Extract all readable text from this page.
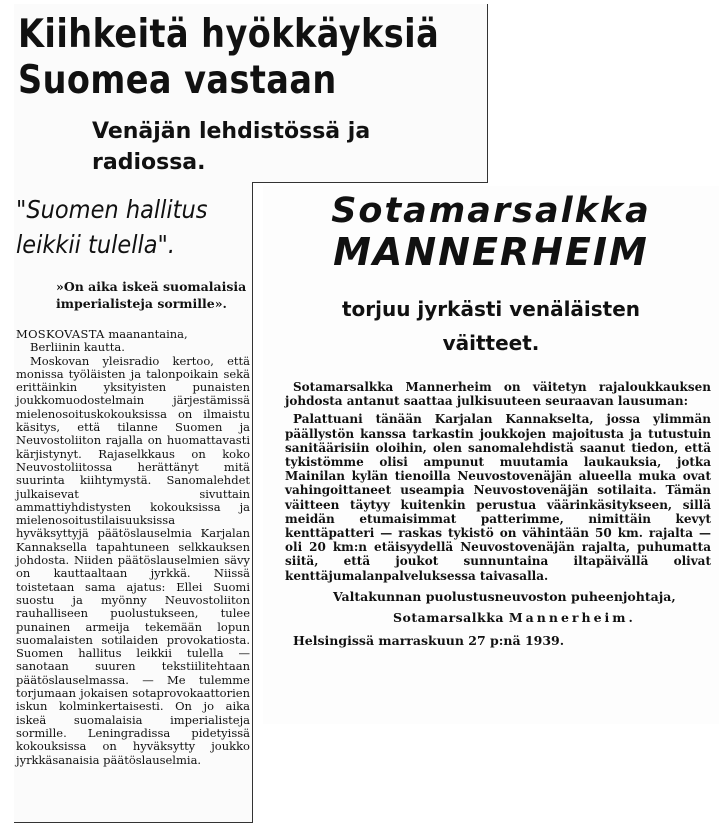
Kiihkeitä hyökkäyksiä
Suomea vastaan
Venäjän lehdistössä ja
radiossa.
"Suomen hallitus
leikkii tulella".
»On aika iskeä suomalaisia imperialisteja sormille».

MOSKOVASTA maanantaina,

Berliinin kautta.

Moskovan yleisradio kertoo, että monissa työläisten ja talonpoikain sekä erittäinkin yksityisten punaisten joukkomuodostelmain järjestämissä mielenosoituskokouksissa on ilmaistu käsitys, että tilanne Suomen ja Neuvostoliiton rajalla on huomattavasti kärjistynyt. Rajaselkkaus on koko Neuvostoliitossa herättänyt mitä suurinta kiihtymystä. Sanomalehdet julkaisevat sivuttain ammattiyhdistysten kokouksissa ja mielenosoitustilaisuuksissa hyväksyttyjä päätöslauselmia Karjalan Kannaksella tapahtuneen selkkauksen johdosta. Niiden päätöslauselmien sävy on kauttaaltaan jyrkkä. Niissä toistetaan sama ajatus: Ellei Suomi suostu ja myönny Neuvostoliiton rauhalliseen puolustukseen, tulee punainen armeija tekemään lopun suomalaisten sotilaiden provokatiosta. Suomen hallitus leikkii tulella — sanotaan suuren tekstiilitehtaan päätöslauselmassa. — Me tulemme torjumaan jokaisen sotaprovokaattorien iskun kolminkertaisesti. On jo aika iskeä suomalaisia imperialisteja sormille. Leningradissa pidetyissä kokouksissa on hyväksytty joukko jyrkkäsanaisia päätöslauselmia.

Sotamarsalkka
MANNERHEIM
torjuu jyrkästi venäläisten
väitteet.

Sotamarsalkka Mannerheim on väitetyn rajaloukkauksen johdosta antanut saattaa julkisuuteen seuraavan lausuman:

Palattuani tänään Karjalan Kannakselta, jossa ylimmän päällystön kanssa tarkastin joukkojen majoitusta ja tutustuin sanitäärisiin oloihin, olen sanomalehdistä saanut tiedon, että tykistömme olisi ampunut muutamia laukauksia, jotka Mainilan kylän tienoilla Neuvostovenäjän alueella muka ovat vahingoittaneet useampia Neuvostovenäjän sotilaita. Tämän väitteen täytyy kuitenkin perustua väärinkäsitykseen, sillä meidän etumaisimmat patterimme, nimittäin kevyt kenttäpatteri — raskas tykistö on vähintään 50 km. rajalta — oli 20 km:n etäisyydellä Neuvostovenäjän rajalta, puhumatta siitä, että joukot sunnuntaina iltapäivällä olivat kenttäjumalanpalveluksessa taivasalla.

Valtakunnan puolustusneuvoston puheenjohtaja,
Sotamarsalkka Mannerheim.
Helsingissä marraskuun 27 p:nä 1939.
